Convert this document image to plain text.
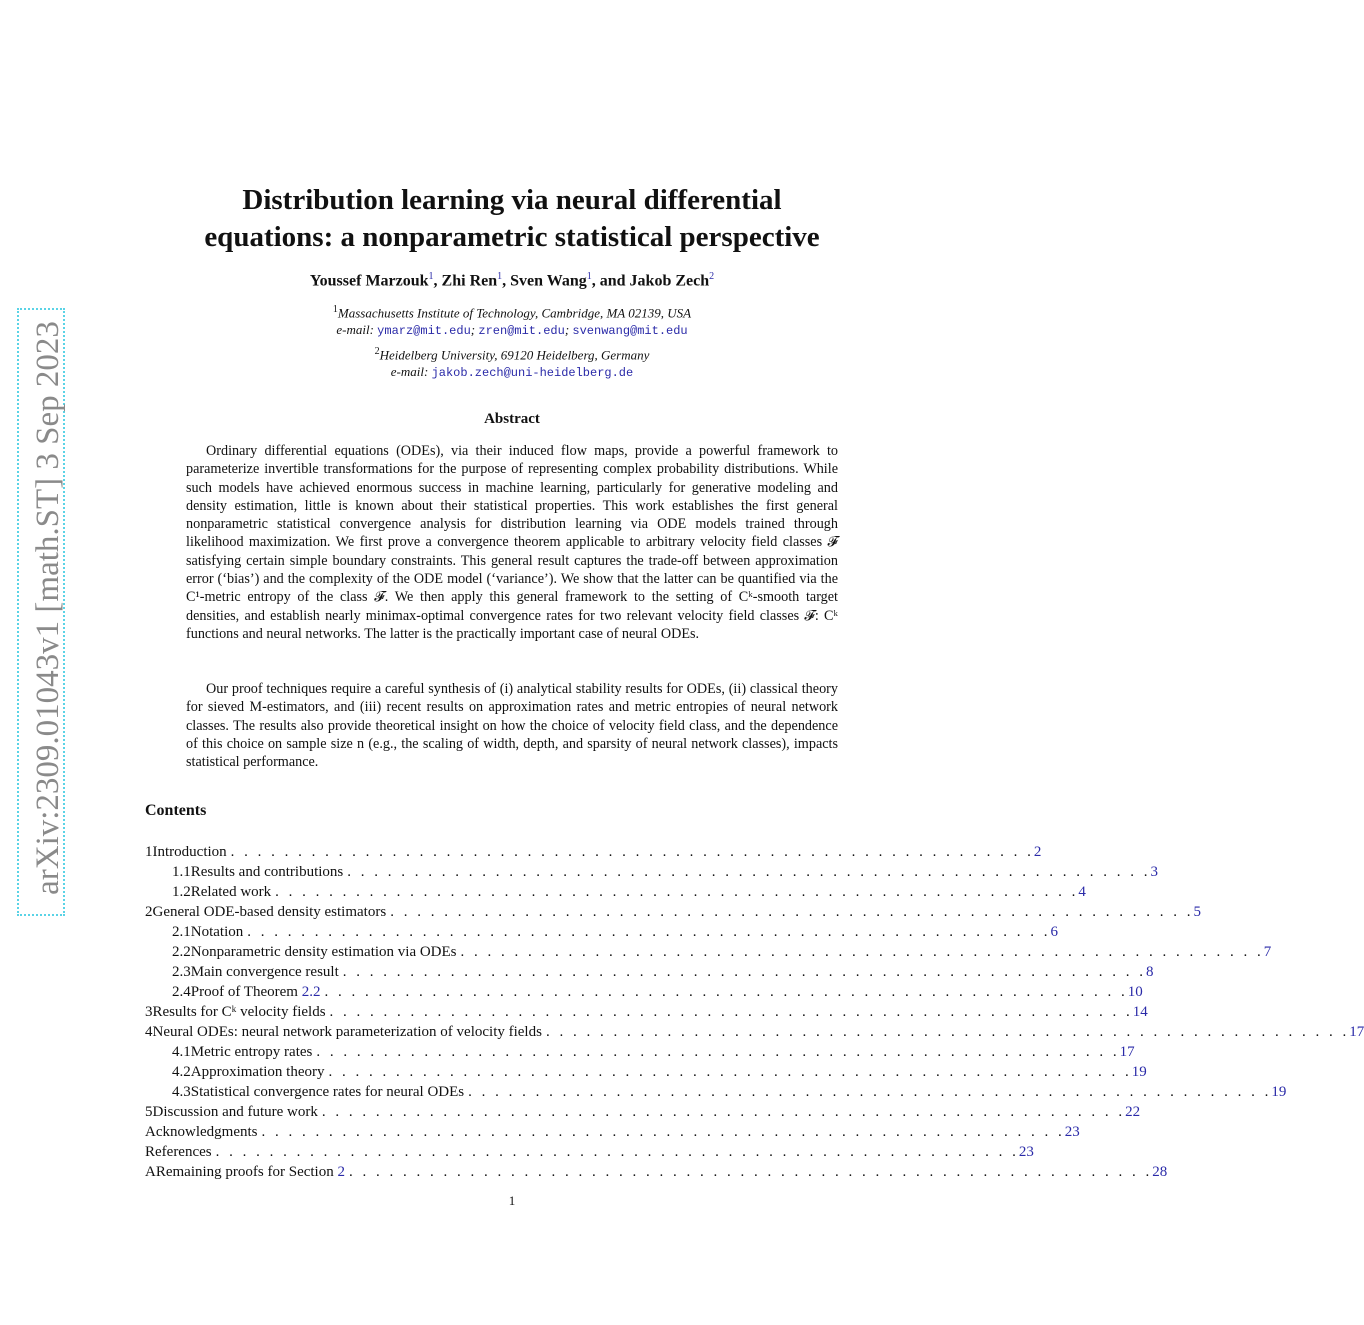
arXiv:2309.01043v1 [math.ST] 3 Sep 2023
Distribution learning via neural differential
equations: a nonparametric statistical perspective
Youssef Marzouk$^1$, Zhi Ren$^1$, Sven Wang$^1$, and Jakob Zech$^2$
$^1$Massachusetts Institute of Technology, Cambridge, MA 02139, USA
e-mail: ymarz@mit.edu; zren@mit.edu; svenwang@mit.edu
$^2$Heidelberg University, 69120 Heidelberg, Germany
e-mail: jakob.zech@uni-heidelberg.de
Abstract
Ordinary differential equations (ODEs), via their induced flow maps, provide a powerful framework to parameterize invertible transformations for the purpose of representing complex probability distributions. While such models have achieved enormous success in machine learning, particularly for generative modeling and density estimation, little is known about their statistical properties. This work establishes the first general nonparametric statistical convergence analysis for distribution learning via ODE models trained through likelihood maximization. We first prove a convergence theorem applicable to arbitrary velocity field classes 𝓕 satisfying certain simple boundary constraints. This general result captures the trade-off between approximation error (‘bias’) and the complexity of the ODE model (‘variance’). We show that the latter can be quantified via the C¹-metric entropy of the class 𝓕. We then apply this general framework to the setting of Cᵏ-smooth target densities, and establish nearly minimax-optimal convergence rates for two relevant velocity field classes 𝓕: Cᵏ functions and neural networks. The latter is the practically important case of neural ODEs.
Our proof techniques require a careful synthesis of (i) analytical stability results for ODEs, (ii) classical theory for sieved M-estimators, and (iii) recent results on approximation rates and metric entropies of neural network classes. The results also provide theoretical insight on how the choice of velocity field class, and the dependence of this choice on sample size n (e.g., the scaling of width, depth, and sparsity of neural network classes), impacts statistical performance.
Contents
1 Introduction . . . . . . . . . . . . . . . . . . . . . . . . . . . . . . . . . . . . . . . . . . . . . . . . . . . . . . . . . . . . 2
1.1 Results and contributions . . . . . . . . . . . . . . . . . . . . . . . . . . . . . . . . . . . . . . . . . . . . . . . . . . . . . . . . . . . . 3
1.2 Related work . . . . . . . . . . . . . . . . . . . . . . . . . . . . . . . . . . . . . . . . . . . . . . . . . . . . . . . . . . . . 4
2 General ODE-based density estimators . . . . . . . . . . . . . . . . . . . . . . . . . . . . . . . . . . . . . . . . . . . . . . . . . . . . . . . . . . . . 5
2.1 Notation . . . . . . . . . . . . . . . . . . . . . . . . . . . . . . . . . . . . . . . . . . . . . . . . . . . . . . . . . . . . 6
2.2 Nonparametric density estimation via ODEs . . . . . . . . . . . . . . . . . . . . . . . . . . . . . . . . . . . . . . . . . . . . . . . . . . . . . . . . . . . . 7
2.3 Main convergence result . . . . . . . . . . . . . . . . . . . . . . . . . . . . . . . . . . . . . . . . . . . . . . . . . . . . . . . . . . . . 8
2.4 Proof of Theorem 2.2 . . . . . . . . . . . . . . . . . . . . . . . . . . . . . . . . . . . . . . . . . . . . . . . . . . . . . . . . . . . . 10
3 Results for Cᵏ velocity fields . . . . . . . . . . . . . . . . . . . . . . . . . . . . . . . . . . . . . . . . . . . . . . . . . . . . . . . . . . . . 14
4 Neural ODEs: neural network parameterization of velocity fields . . . . . . . . . . . . . . . . . . . . . . . . . . . . . . . . . . . . . . . . . . . . . . . . . . . . . . . . . . . . 17
4.1 Metric entropy rates . . . . . . . . . . . . . . . . . . . . . . . . . . . . . . . . . . . . . . . . . . . . . . . . . . . . . . . . . . . . 17
4.2 Approximation theory . . . . . . . . . . . . . . . . . . . . . . . . . . . . . . . . . . . . . . . . . . . . . . . . . . . . . . . . . . . . 19
4.3 Statistical convergence rates for neural ODEs . . . . . . . . . . . . . . . . . . . . . . . . . . . . . . . . . . . . . . . . . . . . . . . . . . . . . . . . . . . . 19
5 Discussion and future work . . . . . . . . . . . . . . . . . . . . . . . . . . . . . . . . . . . . . . . . . . . . . . . . . . . . . . . . . . . . 22
Acknowledgments . . . . . . . . . . . . . . . . . . . . . . . . . . . . . . . . . . . . . . . . . . . . . . . . . . . . . . . . . . . . 23
References . . . . . . . . . . . . . . . . . . . . . . . . . . . . . . . . . . . . . . . . . . . . . . . . . . . . . . . . . . . . 23
A Remaining proofs for Section 2 . . . . . . . . . . . . . . . . . . . . . . . . . . . . . . . . . . . . . . . . . . . . . . . . . . . . . . . . . . . . 28
1
